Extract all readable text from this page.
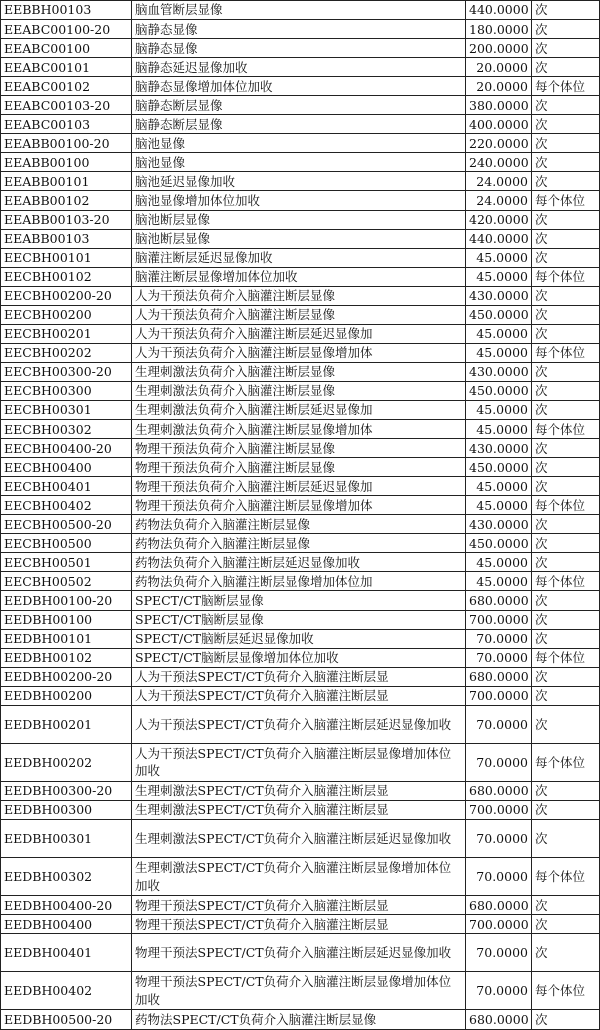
EEBBH00103	脑血管断层显像	440.0000	次
EEABC00100-20	脑静态显像	180.0000	次
EEABC00100	脑静态显像	200.0000	次
EEABC00101	脑静态延迟显像加收	20.0000	次
EEABC00102	脑静态显像增加体位加收	20.0000	每个体位
EEABC00103-20	脑静态断层显像	380.0000	次
EEABC00103	脑静态断层显像	400.0000	次
EEABB00100-20	脑池显像	220.0000	次
EEABB00100	脑池显像	240.0000	次
EEABB00101	脑池延迟显像加收	24.0000	次
EEABB00102	脑池显像增加体位加收	24.0000	每个体位
EEABB00103-20	脑池断层显像	420.0000	次
EEABB00103	脑池断层显像	440.0000	次
EECBH00101	脑灌注断层延迟显像加收	45.0000	次
EECBH00102	脑灌注断层显像增加体位加收	45.0000	每个体位
EECBH00200-20	人为干预法负荷介入脑灌注断层显像	430.0000	次
EECBH00200	人为干预法负荷介入脑灌注断层显像	450.0000	次
EECBH00201	人为干预法负荷介入脑灌注断层延迟显像加	45.0000	次
EECBH00202	人为干预法负荷介入脑灌注断层显像增加体	45.0000	每个体位
EECBH00300-20	生理刺激法负荷介入脑灌注断层显像	430.0000	次
EECBH00300	生理刺激法负荷介入脑灌注断层显像	450.0000	次
EECBH00301	生理刺激法负荷介入脑灌注断层延迟显像加	45.0000	次
EECBH00302	生理刺激法负荷介入脑灌注断层显像增加体	45.0000	每个体位
EECBH00400-20	物理干预法负荷介入脑灌注断层显像	430.0000	次
EECBH00400	物理干预法负荷介入脑灌注断层显像	450.0000	次
EECBH00401	物理干预法负荷介入脑灌注断层延迟显像加	45.0000	次
EECBH00402	物理干预法负荷介入脑灌注断层显像增加体	45.0000	每个体位
EECBH00500-20	药物法负荷介入脑灌注断层显像	430.0000	次
EECBH00500	药物法负荷介入脑灌注断层显像	450.0000	次
EECBH00501	药物法负荷介入脑灌注断层延迟显像加收	45.0000	次
EECBH00502	药物法负荷介入脑灌注断层显像增加体位加	45.0000	每个体位
EEDBH00100-20	SPECT/CT脑断层显像	680.0000	次
EEDBH00100	SPECT/CT脑断层显像	700.0000	次
EEDBH00101	SPECT/CT脑断层延迟显像加收	70.0000	次
EEDBH00102	SPECT/CT脑断层显像增加体位加收	70.0000	每个体位
EEDBH00200-20	人为干预法SPECT/CT负荷介入脑灌注断层显	680.0000	次
EEDBH00200	人为干预法SPECT/CT负荷介入脑灌注断层显	700.0000	次
EEDBH00201	人为干预法SPECT/CT负荷介入脑灌注断层延迟显像加收	70.0000	次
EEDBH00202	人为干预法SPECT/CT负荷介入脑灌注断层显像增加体位加收	70.0000	每个体位
EEDBH00300-20	生理刺激法SPECT/CT负荷介入脑灌注断层显	680.0000	次
EEDBH00300	生理刺激法SPECT/CT负荷介入脑灌注断层显	700.0000	次
EEDBH00301	生理刺激法SPECT/CT负荷介入脑灌注断层延迟显像加收	70.0000	次
EEDBH00302	生理刺激法SPECT/CT负荷介入脑灌注断层显像增加体位加收	70.0000	每个体位
EEDBH00400-20	物理干预法SPECT/CT负荷介入脑灌注断层显	680.0000	次
EEDBH00400	物理干预法SPECT/CT负荷介入脑灌注断层显	700.0000	次
EEDBH00401	物理干预法SPECT/CT负荷介入脑灌注断层延迟显像加收	70.0000	次
EEDBH00402	物理干预法SPECT/CT负荷介入脑灌注断层显像增加体位加收	70.0000	每个体位
EEDBH00500-20	药物法SPECT/CT负荷介入脑灌注断层显像	680.0000	次
